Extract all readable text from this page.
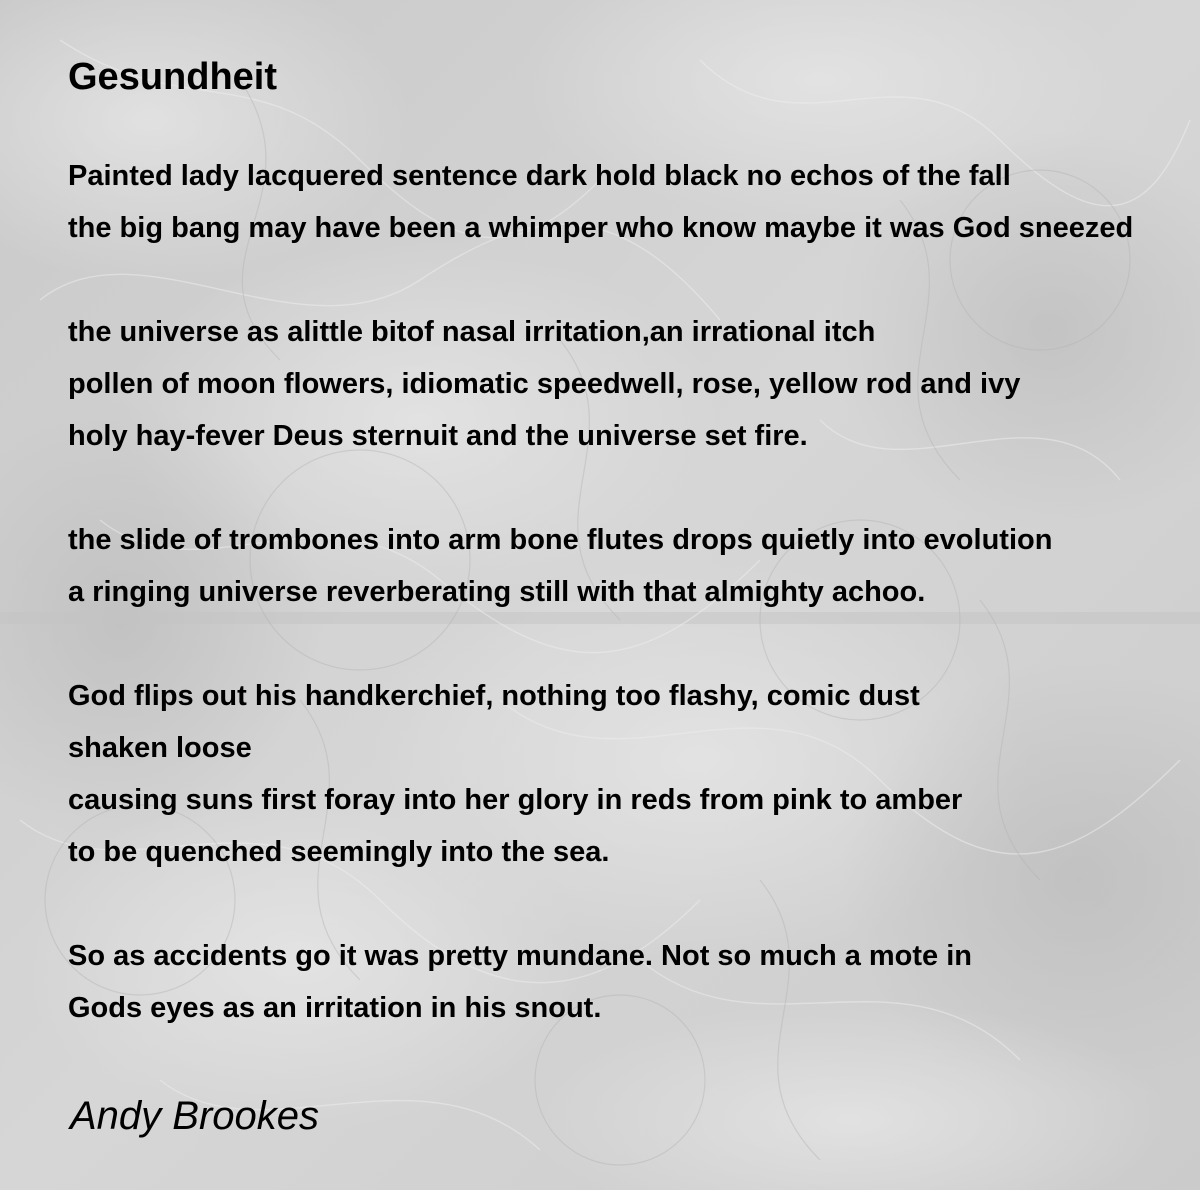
Gesundheit
Painted lady lacquered sentence dark hold black no echos of the fall
the big bang may have been a whimper who know maybe it was God sneezed
the universe as alittle bitof nasal irritation,an irrational itch
pollen of moon flowers, idiomatic speedwell, rose, yellow rod and ivy
holy hay-fever Deus sternuit and the universe set fire.
the slide of trombones into arm bone flutes drops quietly into evolution
a ringing universe reverberating still with that almighty achoo.
God flips out his handkerchief, nothing too flashy, comic dust
shaken loose
causing suns first foray into her glory in reds from pink to amber
to be quenched seemingly into the sea.
So as accidents go it was pretty mundane. Not so much a mote in
Gods eyes as an irritation in his snout.
Andy Brookes
